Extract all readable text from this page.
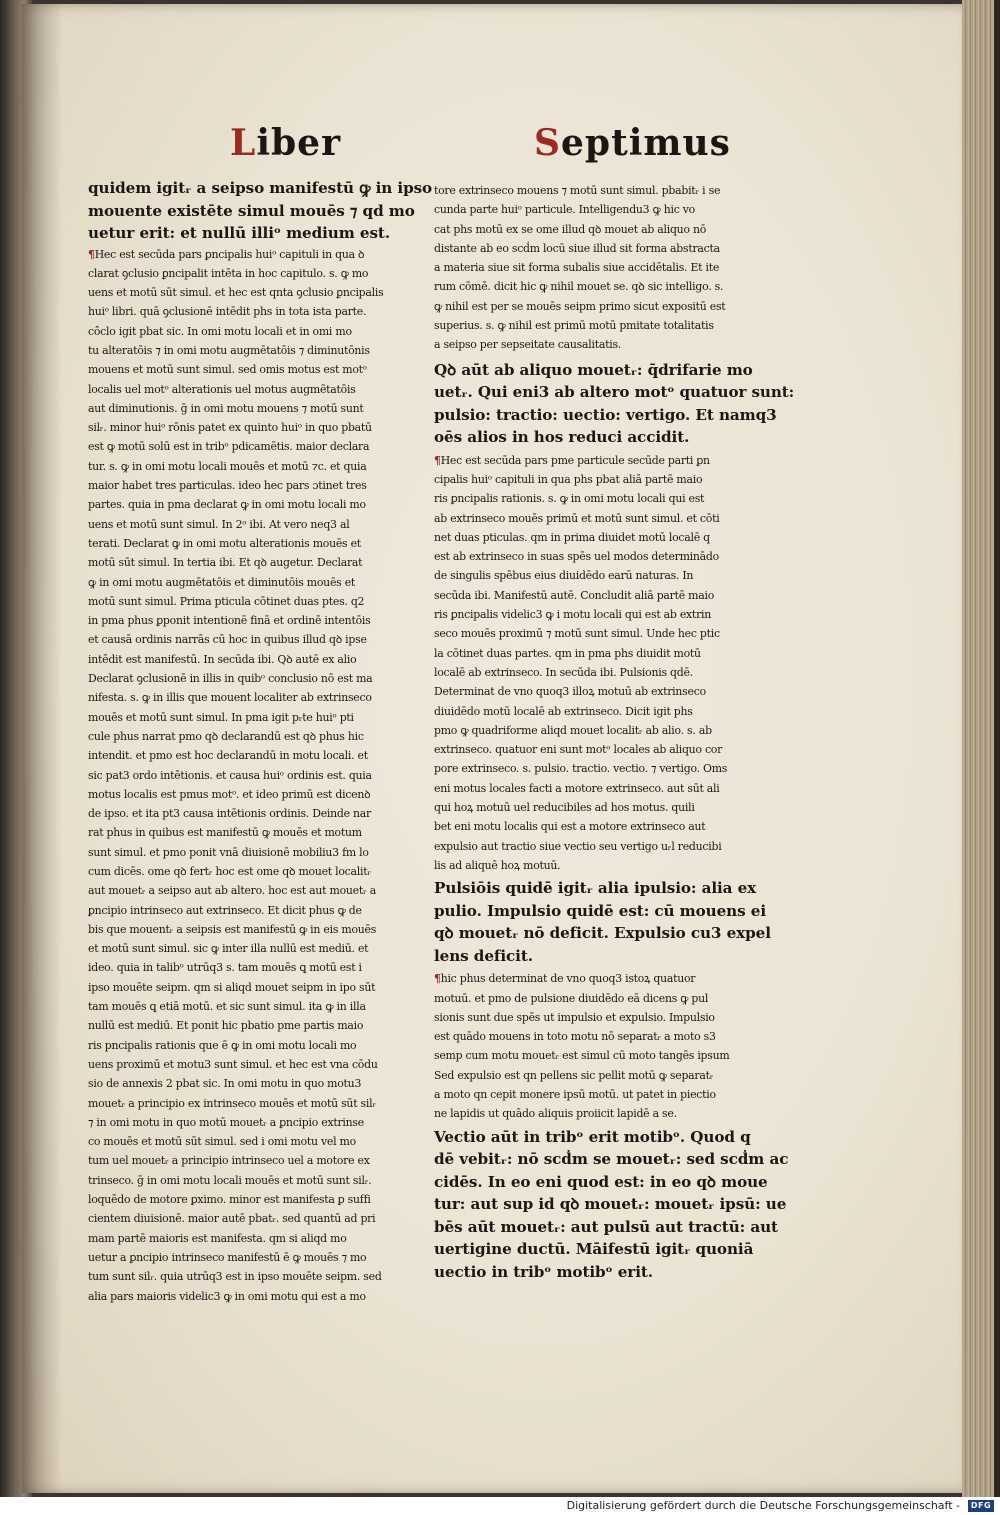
Liber	Septimus
quidem igitᵣ a seipso manifestū ꝙ in ipso
mouente existēte simul mouēs ⁊ qd mo
uetur erit: et nullū illiᵒ medium est.
¶Hec est secūda pars ꝑncipalis huiᵒ capituli in qua ꝺ
clarat ꝯclusio ꝑncipalit intēta in hoc capitulo. s. ꝙ mo
uens et motū sūt simul. et hec est qnta ꝯclusio ꝑncipalis
huiᵒ libri. quā ꝯclusionē intēdit phs in tota ista parte.
côclo igit pbat sic. In omi motu locali et in omi mo
tu alteratōis ⁊ in omi motu augmētatōis ⁊ diminutōnis
mouens et motū sunt simul. sed omis motus est motᵒ
localis uel motᵒ alterationis uel motus augmētatōis
aut diminutionis. ḡ in omi motu mouens ⁊ motū sunt
silᵣ. minor huiᵒ rōnis patet ex quinto huiᵒ in quo pbatū
est ꝙ motū solū est in tribᵒ pdicamētis. maior declara
tur. s. ꝙ in omi motu locali mouēs et motū ⁊c. et quia
maior habet tres particulas. ideo hec pars ɔtinet tres
partes. quia in pma declarat ꝙ in omi motu locali mo
uens et motū sunt simul. In 2ᵒ ibi. At vero neq3 al
terati. Declarat ꝙ in omi motu alterationis mouēs et
motū sūt simul. In tertia ibi. Et qꝺ augetur. Declarat
ꝙ in omi motu augmētatōis et diminutōis mouēs et
motū sunt simul. Prima pticula cōtinet duas ptes. q2
in pma phus ꝑponit intentionē finā et ordinē intentōis
et causā ordinis narrās cū hoc in quibus illud qꝺ ipse
intēdit est manifestū. In secūda ibi. Qꝺ autē ex alio
Declarat ꝯclusionē in illis in quibᵒ conclusio nō est ma
nifesta. s. ꝙ in illis que mouent localiter ab extrinseco
mouēs et motū sunt simul. In pma igit pᵣte huiᵒ pti
cule phus narrat pmo qꝺ declarandū est qꝺ phus hic
intendit. et pmo est hoc declarandū in motu locali. et
sic pat3 ordo intētionis. et causa huiᵒ ordinis est. quia
motus localis est pmus motᵒ. et ideo primū est dicenꝺ
de ipso. et ita pt3 causa intētionis ordinis. Deinde nar
rat phus in quibus est manifestū ꝙ mouēs et motum
sunt simul. et pmo ponit vnā diuisionē mobiliu3 fm lo
cum dicēs. ome qꝺ fertᵣ hoc est ome qꝺ mouet localitᵣ
aut mouetᵣ a seipso aut ab altero. hoc est aut mouetᵣ a
ꝑncipio intrinseco aut extrinseco. Et dicit phus ꝙ de
bis que mouentᵣ a seipsis est manifestū ꝙ in eis mouēs
et motū sunt simul. sic ꝙ inter illa nullū est mediū. et
ideo. quia in talibᵒ utrūq3 s. tam mouēs ꝗ motū est i
ipso mouēte seipm. qm si aliqd mouet seipm in ipo sūt
tam mouēs ꝗ etiā motū. et sic sunt simul. ita ꝙ in illa
nullū est mediū. Et ponit hic pbatio pme partis maio
ris pncipalis rationis que ē ꝙ in omi motu locali mo
uens proximū et motu3 sunt simul. et hec est vna cōdu
sio de annexis 2 pbat sic. In omi motu in quo motu3
mouetᵣ a principio ex intrinseco mouēs et motū sūt silᵣ
⁊ in omi motu in quo motū mouetᵣ a ꝑncipio extrinse
co mouēs et motū sūt simul. sed i omi motu vel mo
tum uel mouetᵣ a principio intrinseco uel a motore ex
trinseco. ḡ in omi motu locali mouēs et motū sunt silᵣ.
loquēdo de motore ꝑximo. minor est manifesta ꝑ suffi
cientem diuisionē. maior autē pbatᵣ. sed quantū ad pri
mam partē maioris est manifesta. qm si aliqd mo
uetur a ꝑncipio intrinseco manifestū ē ꝙ mouēs ⁊ mo
tum sunt silᵣ. quia utrūq3 est in ipso mouēte seipm. sed
alia pars maioris videlic3 ꝙ in omi motu qui est a mo
tore extrinseco mouens ⁊ motū sunt simul. pbabitᵣ i se
cunda parte huiᵒ particule. Intelligendu3 ꝙ hic vo
cat phs motū ex se ome illud qꝺ mouet ab aliquo nō
distante ab eo scḋm locū siue illud sit forma abstracta
a materia siue sit forma subalis siue accidētalis. Et ite
rum cōmē. dicit hic ꝙ nihil mouet se. qꝺ sic intelligo. s.
ꝙ nihil est per se mouēs seipm primo sicut expositū est
superius. s. ꝙ nihil est primū motū pmitate totalitatis
a seipso per sepseitate causalitatis.
Qꝺ aūt ab aliquo mouetᵣ: q̄drifarie mo
uetᵣ. Qui eni3 ab altero motᵒ quatuor sunt:
pulsio: tractio: uectio: vertigo. Et namq3
oēs alios in hos reduci accidit.
¶Hec est secūda pars pme particule secūde parti ꝑn
cipalis huiᵒ capituli in qua phs pbat aliā partē maio
ris ꝑncipalis rationis. s. ꝙ in omi motu locali qui est
ab extrinseco mouēs primū et motū sunt simul. et cōti
net duas pticulas. qm in prima diuidet motū localē q
est ab extrinseco in suas spēs uel modos determinādo
de singulis spēbus eius diuidēdo earū naturas. In
secūda ibi. Manifestū autē. Concludit aliā partē maio
ris ꝑncipalis videlic3 ꝙ i motu locali qui est ab extrin
seco mouēs proximū ⁊ motū sunt simul. Unde hec ptic
la cōtinet duas partes. qm in pma phs diuidit motū
localē ab extrinseco. In secūda ibi. Pulsionis qdē.
Determinat de vno quoq3 illoꝝ motuū ab extrinseco
diuidēdo motū localē ab extrinseco. Dicit igit phs
pmo ꝙ quadriforme aliqd mouet localitᵣ ab alio. s. ab
extrinseco. quatuor eni sunt motᵒ locales ab aliquo cor
pore extrinseco. s. pulsio. tractio. vectio. ⁊ vertigo. Oms
eni motus locales facti a motore extrinseco. aut sūt ali
qui hoꝝ motuū uel reducibiles ad hos motus. quili
bet eni motu localis qui est a motore extrinseco aut
expulsio aut tractio siue vectio seu vertigo uᵣl reducibi
lis ad aliquē hoꝝ motuū.
Pulsiōis quidē igitᵣ alia ipulsio: alia ex
pulio. Impulsio quidē est: cū mouens ei
qꝺ mouetᵣ nō deficit. Expulsio cu3 expel
lens deficit.
¶hic phus determinat de vno quoq3 istoꝝ quatuor
motuū. et pmo de pulsione diuidēdo eā dicens ꝙ pul
sionis sunt due spēs ut impulsio et expulsio. Impulsio
est quādo mouens in toto motu nō separatᵣ a moto s3
semp cum motu mouetᵣ est simul cū moto tangēs ipsum
Sed expulsio est qn pellens sic pellit motū ꝙ separatᵣ
a moto qn cepit monere ipsū motū. ut patet in piectio
ne lapidis ut quādo aliquis proiicit lapidē a se.
Vectio aūt in tribᵒ erit motibᵒ. Quod q
dē vebitᵣ: nō scḋm se mouetᵣ: sed scḋm ac
cidēs. In eo eni quod est: in eo qꝺ moue
tur: aut sup id qꝺ mouetᵣ: mouetᵣ ipsū: ue
bēs aūt mouetᵣ: aut pulsū aut tractū: aut
uertigine ductū. Māifestū igitᵣ quoniā
uectio in tribᵒ motibᵒ erit.
Digitalisierung gefördert durch die Deutsche Forschungsgemeinschaft -	DFG
